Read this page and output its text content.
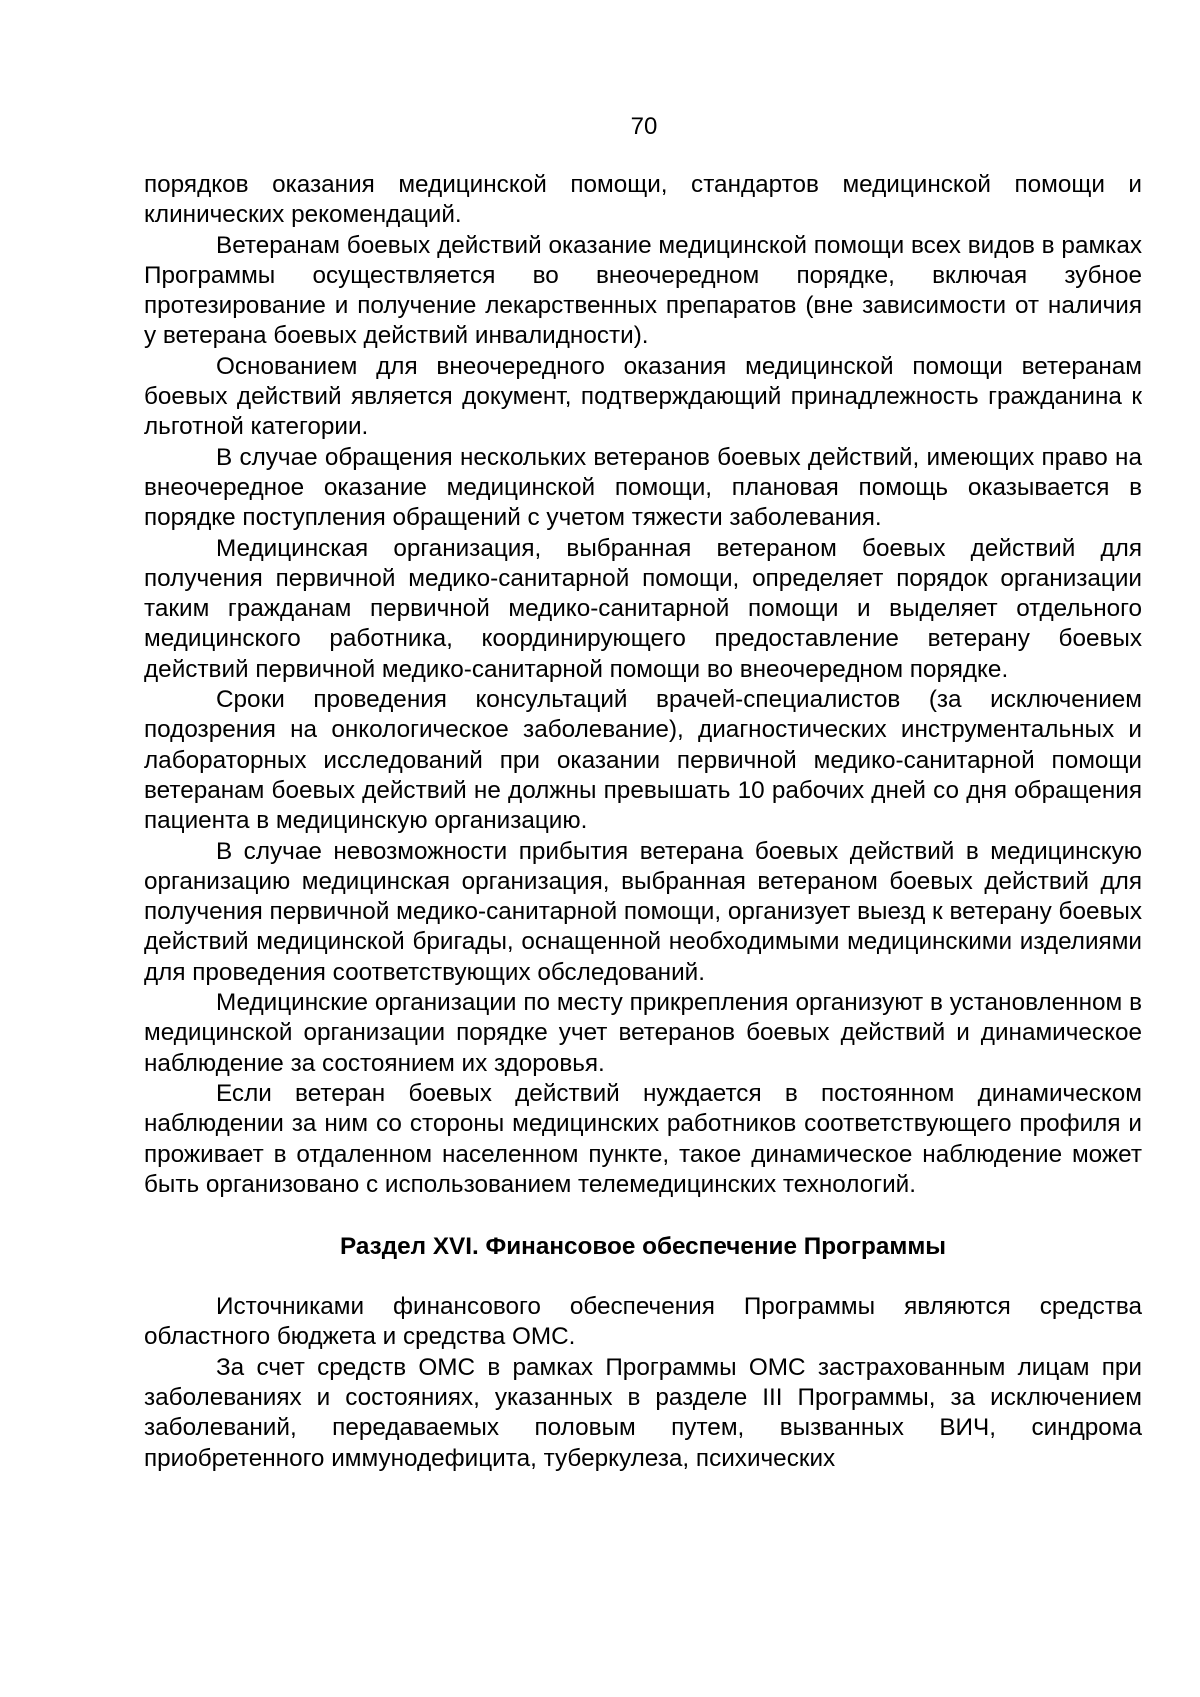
70

порядков оказания медицинской помощи, стандартов медицинской помощи и клинических рекомендаций.

Ветеранам боевых действий оказание медицинской помощи всех видов в рамках Программы осуществляется во внеочередном порядке, включая зубное протезирование и получение лекарственных препаратов (вне зависимости от наличия у ветерана боевых действий инвалидности).

Основанием для внеочередного оказания медицинской помощи ветеранам боевых действий является документ, подтверждающий принадлежность гражданина к льготной категории.

В случае обращения нескольких ветеранов боевых действий, имеющих право на внеочередное оказание медицинской помощи, плановая помощь оказывается в порядке поступления обращений с учетом тяжести заболевания.

Медицинская организация, выбранная ветераном боевых действий для получения первичной медико-санитарной помощи, определяет порядок организации таким гражданам первичной медико-санитарной помощи и выделяет отдельного медицинского работника, координирующего предоставление ветерану боевых действий первичной медико-санитарной помощи во внеочередном порядке.

Сроки проведения консультаций врачей-специалистов (за исключением подозрения на онкологическое заболевание), диагностических инструментальных и лабораторных исследований при оказании первичной медико-санитарной помощи ветеранам боевых действий не должны превышать 10 рабочих дней со дня обращения пациента в медицинскую организацию.

В случае невозможности прибытия ветерана боевых действий в медицинскую организацию медицинская организация, выбранная ветераном боевых действий для получения первичной медико-санитарной помощи, организует выезд к ветерану боевых действий медицинской бригады, оснащенной необходимыми медицинскими изделиями для проведения соответствующих обследований.

Медицинские организации по месту прикрепления организуют в установленном в медицинской организации порядке учет ветеранов боевых действий и динамическое наблюдение за состоянием их здоровья.

Если ветеран боевых действий нуждается в постоянном динамическом наблюдении за ним со стороны медицинских работников соответствующего профиля и проживает в отдаленном населенном пункте, такое динамическое наблюдение может быть организовано с использованием телемедицинских технологий.

Раздел XVI. Финансовое обеспечение Программы

Источниками финансового обеспечения Программы являются средства областного бюджета и средства ОМС.

За счет средств ОМС в рамках Программы ОМС застрахованным лицам при заболеваниях и состояниях, указанных в разделе III Программы, за исключением заболеваний, передаваемых половым путем, вызванных ВИЧ, синдрома приобретенного иммунодефицита, туберкулеза, психических
